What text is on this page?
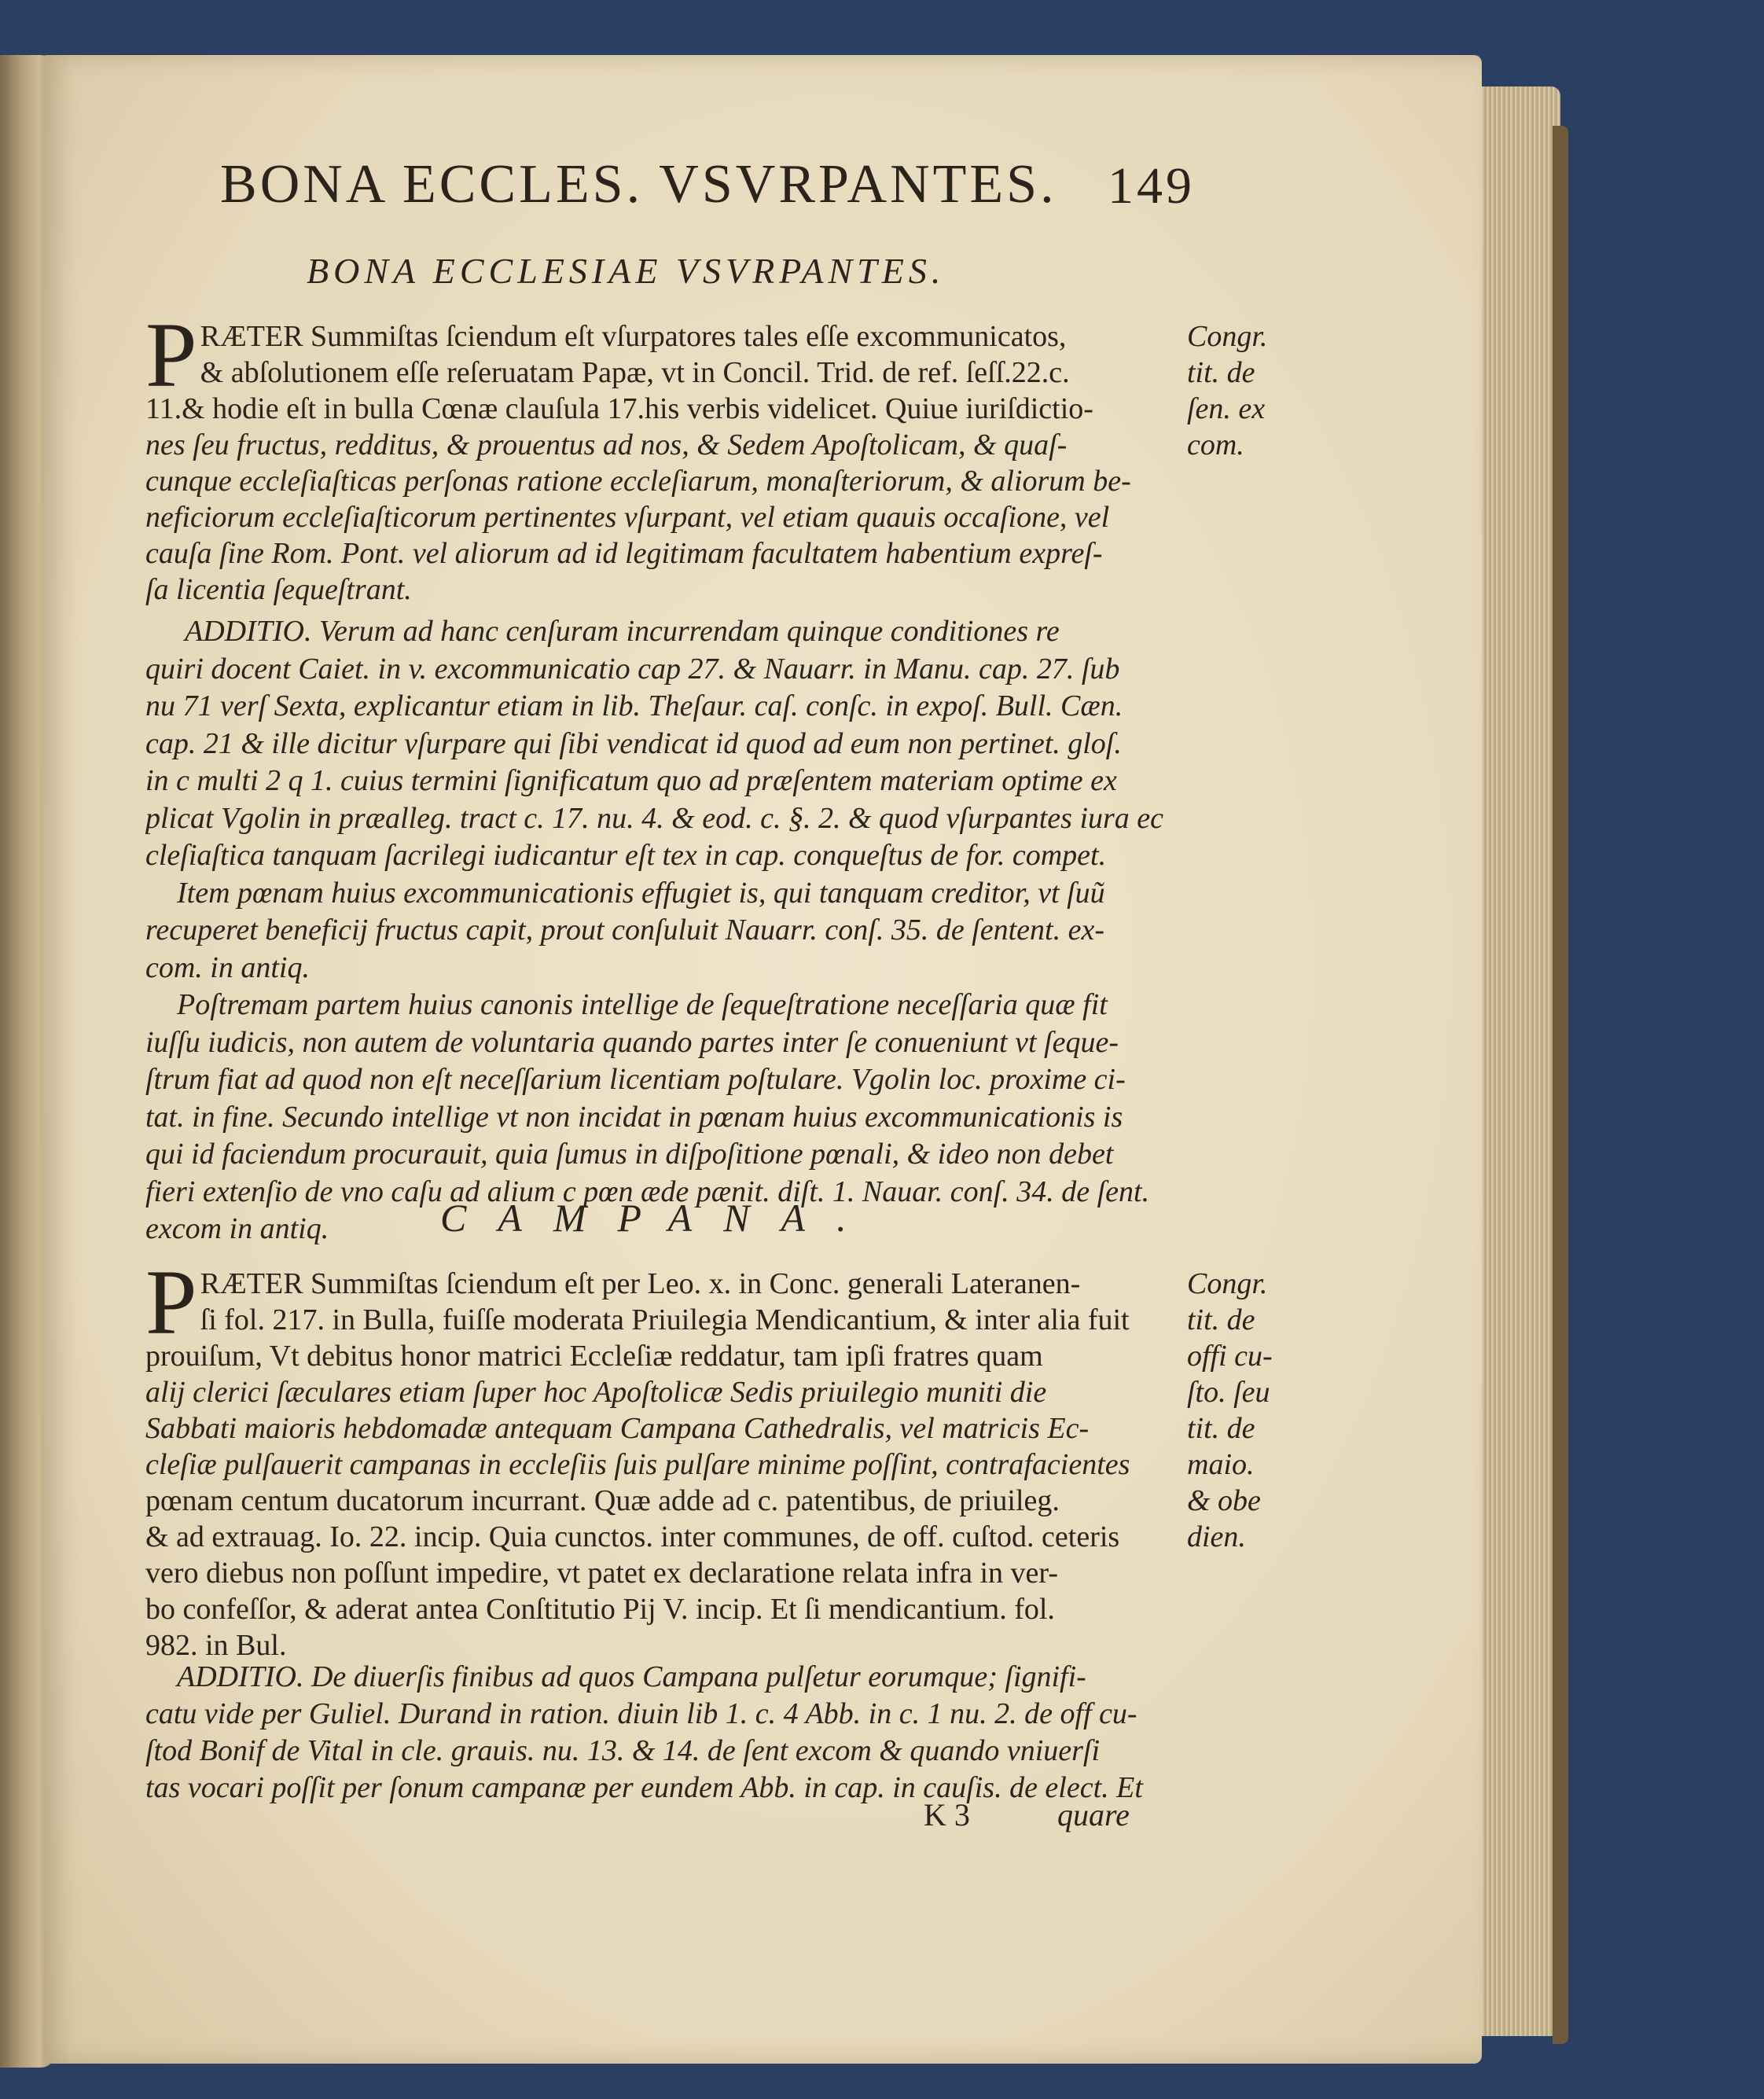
BONA ECCLES. VSVRPANTES. 149
BONA ECCLESIAE VSVRPANTES.
P RÆTER Summiſtas ſciendum eſt vſurpatores tales eſſe excommunicatos,

& abſolutionem eſſe reſeruatam Papæ, vt in Concil. Trid. de ref. ſeſſ.22.c.

11.& hodie eſt in bulla Cœnæ clauſula 17.his verbis videlicet. Quiue iuriſdictio-

nes ſeu fructus, redditus, & prouentus ad nos, & Sedem Apoſtolicam, & quaſ-

cunque eccleſiaſticas perſonas ratione eccleſiarum, monaſteriorum, & aliorum be-

neficiorum eccleſiaſticorum pertinentes vſurpant, vel etiam quauis occaſione, vel

cauſa ſine Rom. Pont. vel aliorum ad id legitimam facultatem habentium expreſ-

ſa licentia ſequeſtrant.

Congr.

tit. de

ſen. ex

com.

ADDITIO. Verum ad hanc cenſuram incurrendam quinque conditiones re

quiri docent Caiet. in v. excommunicatio cap 27. & Nauarr. in Manu. cap. 27. ſub

nu 71 verſ Sexta, explicantur etiam in lib. Theſaur. caſ. conſc. in expoſ. Bull. Cæn.

cap. 21 & ille dicitur vſurpare qui ſibi vendicat id quod ad eum non pertinet. gloſ.

in c multi 2 q 1. cuius termini ſignificatum quo ad præſentem materiam optime ex

plicat Vgolin in præalleg. tract c. 17. nu. 4. & eod. c. §. 2. & quod vſurpantes iura ec

cleſiaſtica tanquam ſacrilegi iudicantur eſt tex in cap. conqueſtus de for. compet.

Item pœnam huius excommunicationis effugiet is, qui tanquam creditor, vt ſuũ

recuperet beneficij fructus capit, prout conſuluit Nauarr. conſ. 35. de ſentent. ex-

com. in antiq.

Poſtremam partem huius canonis intellige de ſequeſtratione neceſſaria quæ fit

iuſſu iudicis, non autem de voluntaria quando partes inter ſe conueniunt vt ſeque-

ſtrum fiat ad quod non eſt neceſſarium licentiam poſtulare. Vgolin loc. proxime ci-

tat. in fine. Secundo intellige vt non incidat in pœnam huius excommunicationis is

qui id faciendum procurauit, quia ſumus in diſpoſitione pœnali, & ideo non debet

fieri extenſio de vno caſu ad alium c pœn æde pænit. diſt. 1. Nauar. conſ. 34. de ſent.

excom in antiq.	CAMPANA.
P RÆTER Summiſtas ſciendum eſt per Leo. x. in Conc. generali Lateranen-

ſi fol. 217. in Bulla, fuiſſe moderata Priuilegia Mendicantium, & inter alia fuit

prouiſum, Vt debitus honor matrici Eccleſiæ reddatur, tam ipſi fratres quam

alij clerici ſæculares etiam ſuper hoc Apoſtolicæ Sedis priuilegio muniti die

Sabbati maioris hebdomadæ antequam Campana Cathedralis, vel matricis Ec-

cleſiæ pulſauerit campanas in eccleſiis ſuis pulſare minime poſſint, contrafacientes

pœnam centum ducatorum incurrant. Quæ adde ad c. patentibus, de priuileg.

& ad extrauag. Io. 22. incip. Quia cunctos. inter communes, de off. cuſtod. ceteris

vero diebus non poſſunt impedire, vt patet ex declaratione relata infra in ver-

bo confeſſor, & aderat antea Conſtitutio Pij V. incip. Et ſi mendicantium. fol.

982. in Bul.

Congr.

tit. de

offi cu-

ſto. ſeu

tit. de

maio.

& obe

dien.

ADDITIO. De diuerſis finibus ad quos Campana pulſetur eorumque; ſignifi-

catu vide per Guliel. Durand in ration. diuin lib 1. c. 4 Abb. in c. 1 nu. 2. de off cu-

ſtod Bonif de Vital in cle. grauis. nu. 13. & 14. de ſent excom & quando vniuerſi

tas vocari poſſit per ſonum campanæ per eundem Abb. in cap. in cauſis. de elect. Et

K 3	quare
